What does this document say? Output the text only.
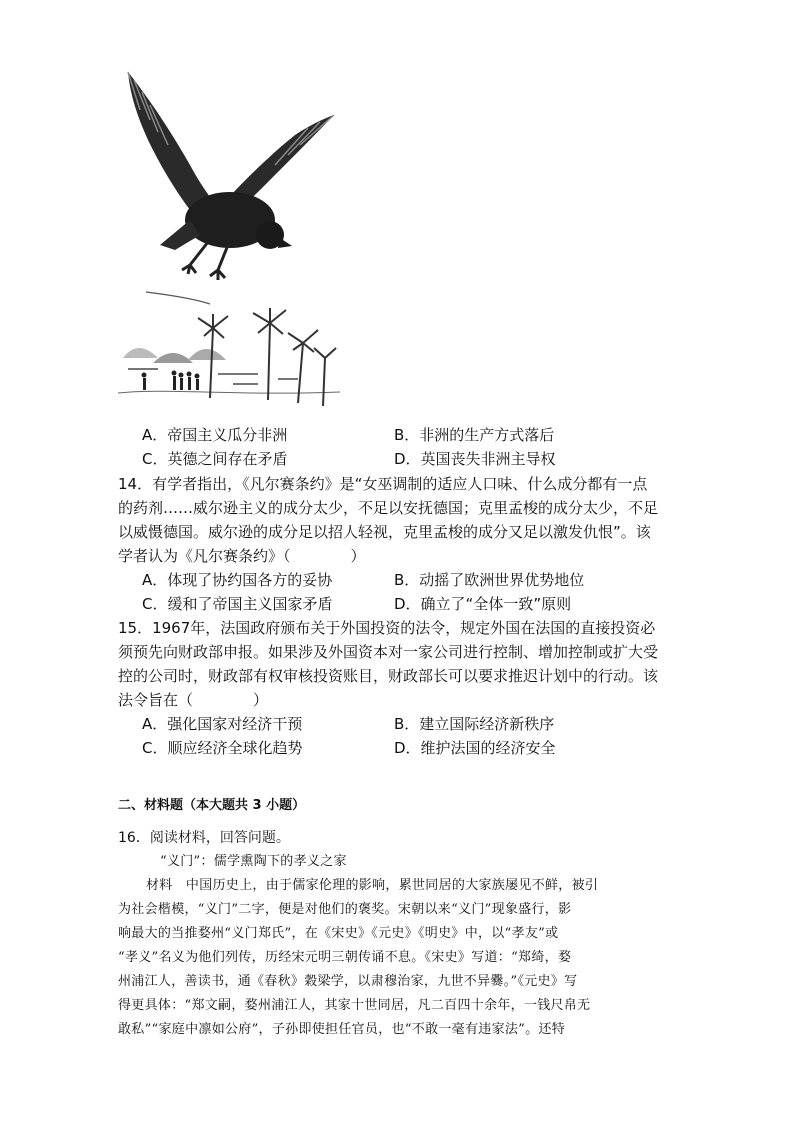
A．帝国主义瓜分非洲	B．非洲的生产方式落后
C．英德之间存在矛盾	D．英国丧失非洲主导权
14．有学者指出，《凡尔赛条约》是“女巫调制的适应人口味、什么成分都有一点
的药剂……威尔逊主义的成分太少，不足以安抚德国；克里孟梭的成分太少，不足
以威慑德国。威尔逊的成分足以招人轻视，克里孟梭的成分又足以激发仇恨”。该
学者认为《凡尔赛条约》（　　　　）
A．体现了协约国各方的妥协	B．动摇了欧洲世界优势地位
C．缓和了帝国主义国家矛盾	D．确立了“全体一致”原则
15．1967年，法国政府颁布关于外国投资的法令，规定外国在法国的直接投资必
须预先向财政部申报。如果涉及外国资本对一家公司进行控制、增加控制或扩大受
控的公司时，财政部有权审核投资账目，财政部长可以要求推迟计划中的行动。该
法令旨在（　　　　）
A．强化国家对经济干预	B．建立国际经济新秩序
C．顺应经济全球化趋势	D．维护法国的经济安全
二、材料题（本大题共 3 小题）
16．阅读材料，回答问题。
“义门”：儒学熏陶下的孝义之家
材料　中国历史上，由于儒家伦理的影响，累世同居的大家族屡见不鲜，被引
为社会楷模，“义门”二字，便是对他们的褒奖。宋朝以来“义门”现象盛行，影
响最大的当推婺州“义门郑氏”，在《宋史》《元史》《明史》中，以“孝友”或
“孝义”名义为他们列传，历经宋元明三朝传诵不息。《宋史》写道：“郑绮，婺
州浦江人，善读书，通《春秋》穀梁学，以肃穆治家，九世不异爨。”《元史》写
得更具体：“郑文嗣，婺州浦江人，其家十世同居，凡二百四十余年，一钱尺帛无
敢私”“家庭中凛如公府”，子孙即使担任官员，也“不敢一毫有违家法”。还特
